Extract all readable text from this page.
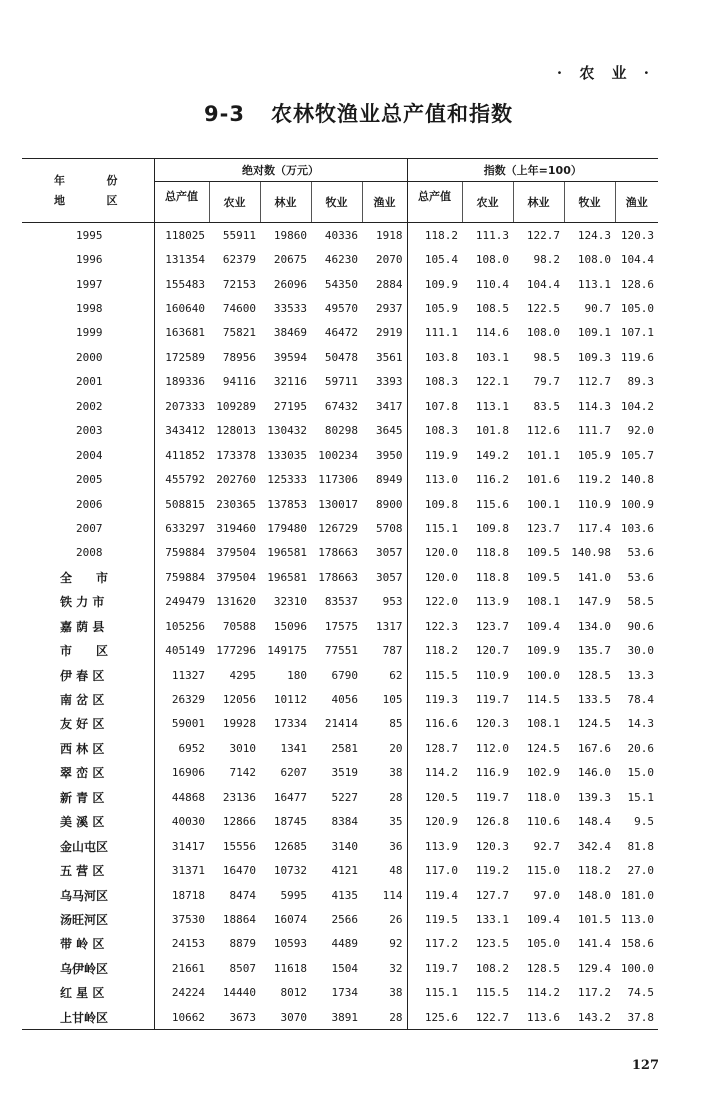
· 农 业 ·
9-3 农林牧渔业总产值和指数
年 份
地 区	绝对数（万元）					指数（上年=100）				
	总产值	农业	林业	牧业	渔业	总产值	农业	林业	牧业	渔业
1995	118025	55911	19860	40336	1918	118.2	111.3	122.7	124.3	120.3
1996	131354	62379	20675	46230	2070	105.4	108.0	98.2	108.0	104.4
1997	155483	72153	26096	54350	2884	109.9	110.4	104.4	113.1	128.6
1998	160640	74600	33533	49570	2937	105.9	108.5	122.5	90.7	105.0
1999	163681	75821	38469	46472	2919	111.1	114.6	108.0	109.1	107.1
2000	172589	78956	39594	50478	3561	103.8	103.1	98.5	109.3	119.6
2001	189336	94116	32116	59711	3393	108.3	122.1	79.7	112.7	89.3
2002	207333	109289	27195	67432	3417	107.8	113.1	83.5	114.3	104.2
2003	343412	128013	130432	80298	3645	108.3	101.8	112.6	111.7	92.0
2004	411852	173378	133035	100234	3950	119.9	149.2	101.1	105.9	105.7
2005	455792	202760	125333	117306	8949	113.0	116.2	101.6	119.2	140.8
2006	508815	230365	137853	130017	8900	109.8	115.6	100.1	110.9	100.9
2007	633297	319460	179480	126729	5708	115.1	109.8	123.7	117.4	103.6
2008	759884	379504	196581	178663	3057	120.0	118.8	109.5	140.98	53.6
全　　市	759884	379504	196581	178663	3057	120.0	118.8	109.5	141.0	53.6
铁 力 市	249479	131620	32310	83537	953	122.0	113.9	108.1	147.9	58.5
嘉 荫 县	105256	70588	15096	17575	1317	122.3	123.7	109.4	134.0	90.6
市　　区	405149	177296	149175	77551	787	118.2	120.7	109.9	135.7	30.0
伊 春 区	11327	4295	180	6790	62	115.5	110.9	100.0	128.5	13.3
南 岔 区	26329	12056	10112	4056	105	119.3	119.7	114.5	133.5	78.4
友 好 区	59001	19928	17334	21414	85	116.6	120.3	108.1	124.5	14.3
西 林 区	6952	3010	1341	2581	20	128.7	112.0	124.5	167.6	20.6
翠 峦 区	16906	7142	6207	3519	38	114.2	116.9	102.9	146.0	15.0
新 青 区	44868	23136	16477	5227	28	120.5	119.7	118.0	139.3	15.1
美 溪 区	40030	12866	18745	8384	35	120.9	126.8	110.6	148.4	9.5
金山屯区	31417	15556	12685	3140	36	113.9	120.3	92.7	342.4	81.8
五 营 区	31371	16470	10732	4121	48	117.0	119.2	115.0	118.2	27.0
乌马河区	18718	8474	5995	4135	114	119.4	127.7	97.0	148.0	181.0
汤旺河区	37530	18864	16074	2566	26	119.5	133.1	109.4	101.5	113.0
带 岭 区	24153	8879	10593	4489	92	117.2	123.5	105.0	141.4	158.6
乌伊岭区	21661	8507	11618	1504	32	119.7	108.2	128.5	129.4	100.0
红 星 区	24224	14440	8012	1734	38	115.1	115.5	114.2	117.2	74.5
上甘岭区	10662	3673	3070	3891	28	125.6	122.7	113.6	143.2	37.8
127
